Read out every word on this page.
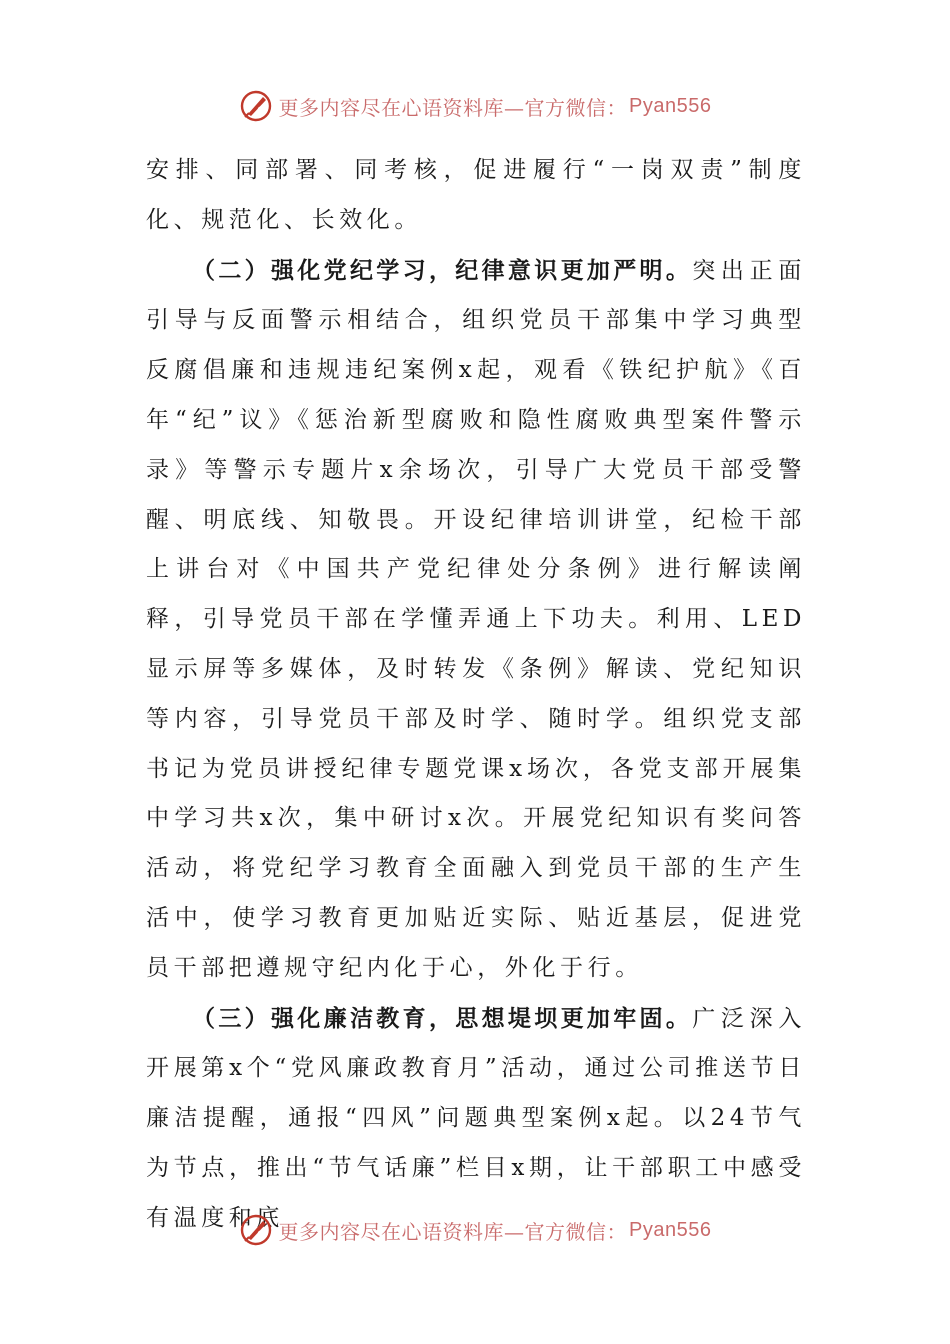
更多内容尽在心语资料库—官方微信： Pyan556

安排、同部署、同考核，促进履行“一岗双责”制度化、规范化、长效化。

（二）强化党纪学习，纪律意识更加严明。突出正面引导与反面警示相结合，组织党员干部集中学习典型反腐倡廉和违规违纪案例x起，观看《铁纪护航》《百年“纪”议》《惩治新型腐败和隐性腐败典型案件警示录》等警示专题片x余场次，引导广大党员干部受警醒、明底线、知敬畏。开设纪律培训讲堂，纪检干部上讲台对《中国共产党纪律处分条例》进行解读阐释，引导党员干部在学懂弄通上下功夫。利用、LED显示屏等多媒体，及时转发《条例》解读、党纪知识等内容，引导党员干部及时学、随时学。组织党支部书记为党员讲授纪律专题党课x场次，各党支部开展集中学习共x次，集中研讨x次。开展党纪知识有奖问答活动，将党纪学习教育全面融入到党员干部的生产生活中，使学习教育更加贴近实际、贴近基层，促进党员干部把遵规守纪内化于心，外化于行。

（三）强化廉洁教育，思想堤坝更加牢固。广泛深入开展第x个“党风廉政教育月”活动，通过公司推送节日廉洁提醒，通报“四风”问题典型案例x起。以24节气为节点，推出“节气话廉”栏目x期，让干部职工中感受有温度和底

更多内容尽在心语资料库—官方微信： Pyan556
